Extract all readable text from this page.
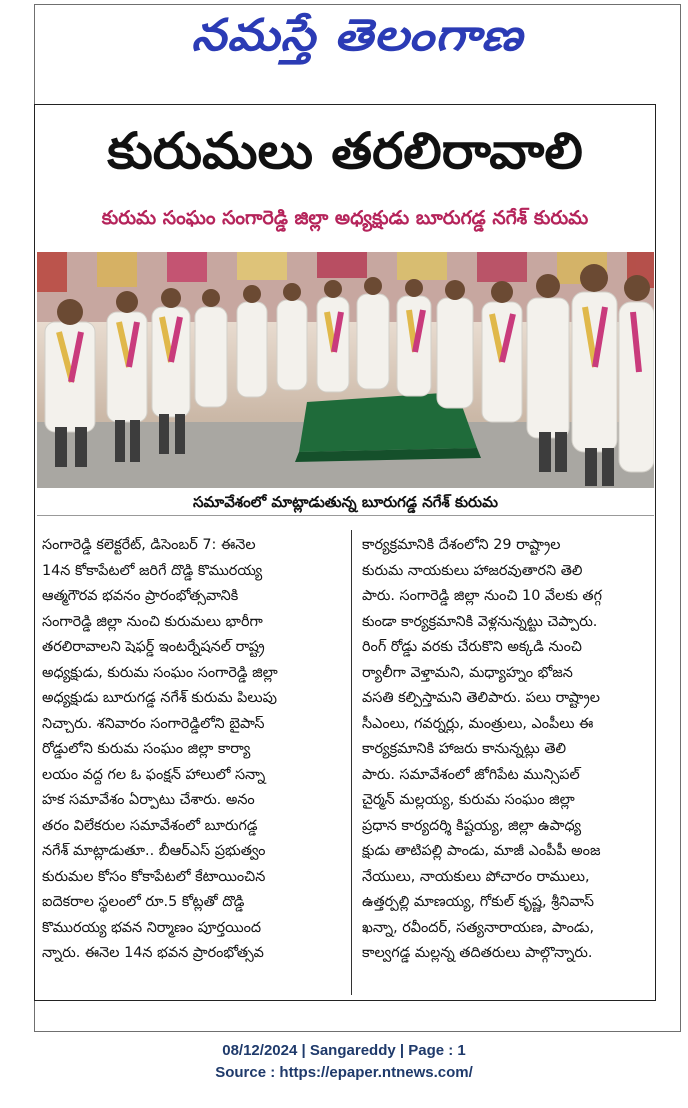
నమస్తే తెలంగాణ
కురుమలు తరలిరావాలి
కురుమ సంఘం సంగారెడ్డి జిల్లా అధ్యక్షుడు బూరుగడ్డ నగేశ్ కురుమ
సమావేశంలో మాట్లాడుతున్న బూరుగడ్డ నగేశ్ కురుమ
సంగారెడ్డి కలెక్టరేట్, డిసెంబర్ 7: ఈనెల
14న కోకాపేటలో జరిగే దొడ్డి కొమురయ్య
ఆత్మగౌరవ భవనం ప్రారంభోత్సవానికి
సంగారెడ్డి జిల్లా నుంచి కురుమలు భారీగా
తరలిరావాలని షెఫర్డ్ ఇంటర్నేషనల్ రాష్ట్ర
అధ్యక్షుడు, కురుమ సంఘం సంగారెడ్డి జిల్లా
అధ్యక్షుడు బూరుగడ్డ నగేశ్ కురుమ పిలుపు
నిచ్చారు. శనివారం సంగారెడ్డిలోని బైపాస్
రోడ్డులోని కురుమ సంఘం జిల్లా కార్యా
లయం వద్ద గల ఓ ఫంక్షన్ హాలులో సన్నా
హక సమావేశం ఏర్పాటు చేశారు. అనం
తరం విలేకరుల సమావేశంలో బూరుగడ్డ
నగేశ్ మాట్లాడుతూ.. బీఆర్ఎస్ ప్రభుత్వం
కురుమల కోసం కోకాపేటలో కేటాయించిన
ఐదెకరాల స్థలంలో రూ.5 కోట్లతో దొడ్డి
కొమురయ్య భవన నిర్మాణం పూర్తయింద
న్నారు. ఈనెల 14న భవన ప్రారంభోత్సవ
కార్యక్రమానికి దేశంలోని 29 రాష్ట్రాల
కురుమ నాయకులు హాజరవుతారని తెలి
పారు. సంగారెడ్డి జిల్లా నుంచి 10 వేలకు తగ్గ
కుండా కార్యక్రమానికి వెళ్లనున్నట్టు చెప్పారు.
రింగ్ రోడ్డు వరకు చేరుకొని అక్కడి నుంచి
ర్యాలీగా వెళ్తామని, మధ్యాహ్నం భోజన
వసతి కల్పిస్తామని తెలిపారు. పలు రాష్ట్రాల
సీఎంలు, గవర్నర్లు, మంత్రులు, ఎంపీలు ఈ
కార్యక్రమానికి హాజరు కానున్నట్లు తెలి
పారు. సమావేశంలో జోగిపేట మున్సిపల్
చైర్మన్ మల్లయ్య, కురుమ సంఘం జిల్లా
ప్రధాన కార్యదర్శి కిష్టయ్య, జిల్లా ఉపాధ్య
క్షుడు తాటిపల్లి పాండు, మాజీ ఎంపీపీ అంజ
నేయులు, నాయకులు పోచారం రాములు,
ఉత్తర్పల్లి మాణయ్య, గోకుల్ కృష్ణ, శ్రీనివాస్
ఖన్నా, రవీందర్, సత్యనారాయణ, పాండు,
కాల్వగడ్డ మల్లన్న తదితరులు పాల్గొన్నారు.
08/12/2024 | Sangareddy | Page : 1
Source : https://epaper.ntnews.com/
